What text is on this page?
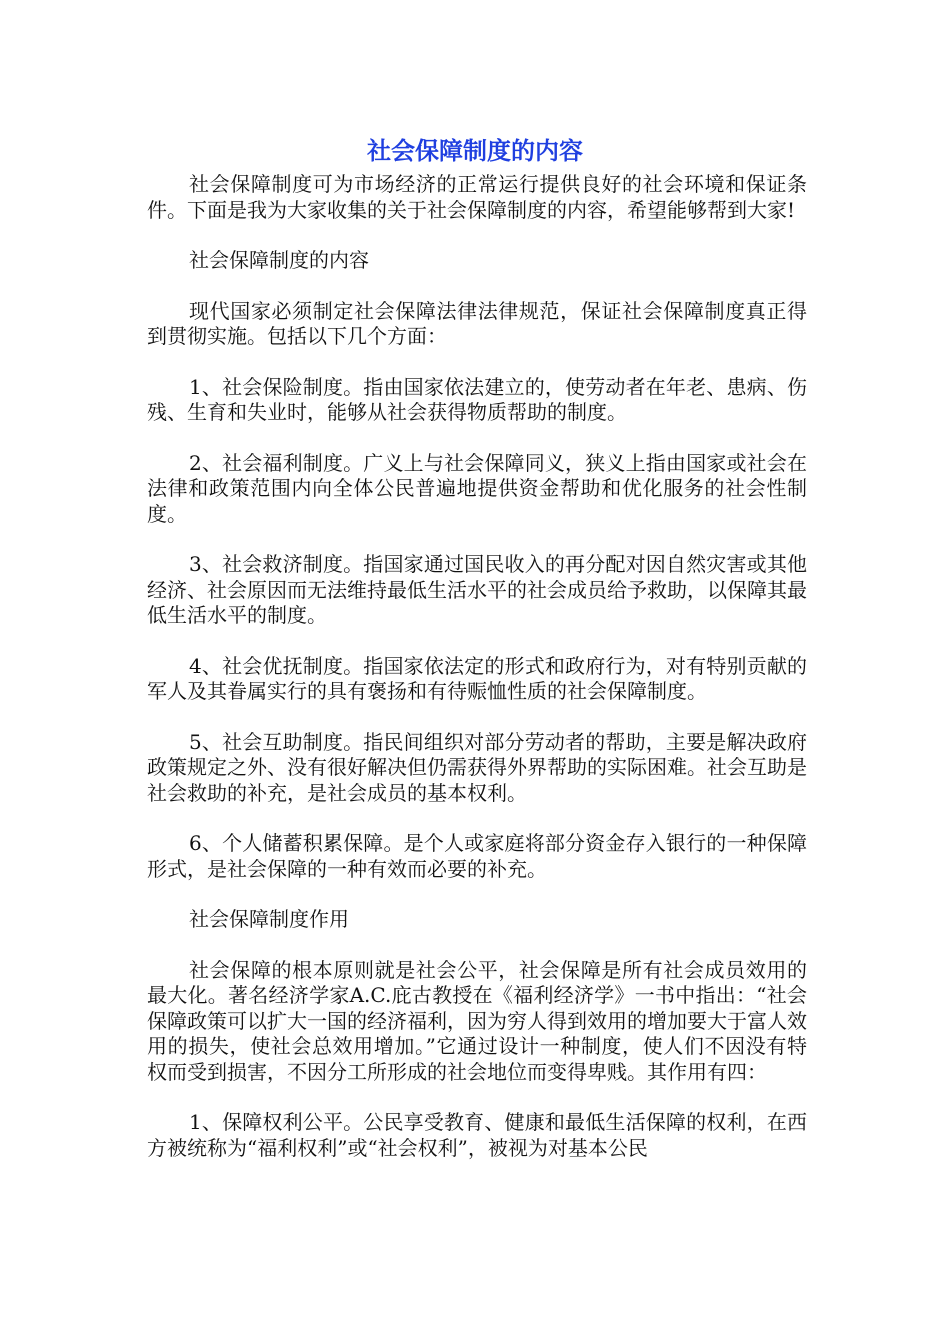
社会保障制度的内容

社会保障制度可为市场经济的正常运行提供良好的社会环境和保证条件。下面是我为大家收集的关于社会保障制度的内容，希望能够帮到大家!

社会保障制度的内容

现代国家必须制定社会保障法律法律规范，保证社会保障制度真正得到贯彻实施。包括以下几个方面：

1、社会保险制度。指由国家依法建立的，使劳动者在年老、患病、伤残、生育和失业时，能够从社会获得物质帮助的制度。

2、社会福利制度。广义上与社会保障同义，狭义上指由国家或社会在法律和政策范围内向全体公民普遍地提供资金帮助和优化服务的社会性制度。

3、社会救济制度。指国家通过国民收入的再分配对因自然灾害或其他经济、社会原因而无法维持最低生活水平的社会成员给予救助，以保障其最低生活水平的制度。

4、社会优抚制度。指国家依法定的形式和政府行为，对有特别贡献的军人及其眷属实行的具有褒扬和有待赈恤性质的社会保障制度。

5、社会互助制度。指民间组织对部分劳动者的帮助，主要是解决政府政策规定之外、没有很好解决但仍需获得外界帮助的实际困难。社会互助是社会救助的补充，是社会成员的基本权利。

6、个人储蓄积累保障。是个人或家庭将部分资金存入银行的一种保障形式，是社会保障的一种有效而必要的补充。

社会保障制度作用

社会保障的根本原则就是社会公平，社会保障是所有社会成员效用的最大化。著名经济学家A.C.庇古教授在《福利经济学》一书中指出：“社会保障政策可以扩大一国的经济福利，因为穷人得到效用的增加要大于富人效用的损失，使社会总效用增加。”它通过设计一种制度，使人们不因没有特权而受到损害，不因分工所形成的社会地位而变得卑贱。其作用有四：

1、保障权利公平。公民享受教育、健康和最低生活保障的权利，在西方被统称为“福利权利”或“社会权利”，被视为对基本公民
